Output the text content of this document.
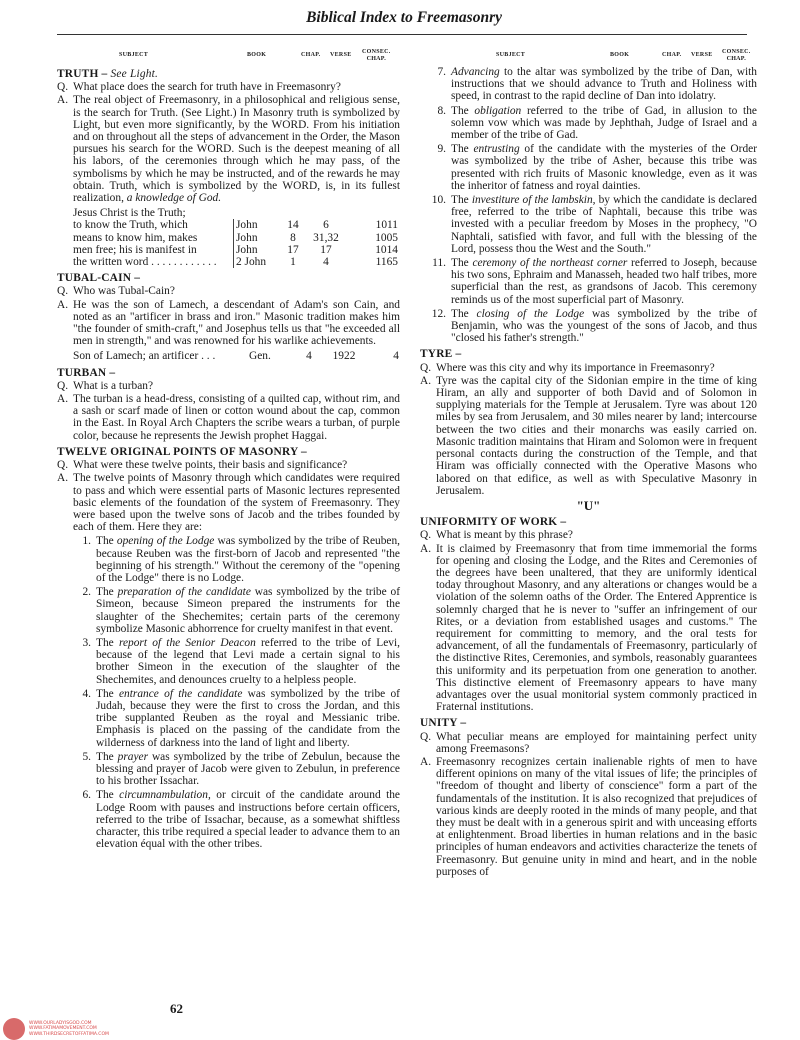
Biblical Index to Freemasonry
SUBJECT	BOOK	CHAP. VERSE CONSEC.
CHAP.
TRUTH – See Light.
Q. What place does the search for truth have in Freemasonry?
A. The real object of Freemasonry, in a philosophical and religious sense, is the search for Truth. (See Light.) In Masonry truth is symbolized by Light, but even more significantly, by the WORD. From his initiation and on throughout all the steps of advancement in the Order, the Mason pursues his search for the WORD. Such is the deepest meaning of all his labors, of the ceremonies through which he may pass, of the symbolisms by which he may be instructed, and of the rewards he may obtain. Truth, which is symbolized by the WORD, is, in its fullest realization, a knowledge of God.
Jesus Christ is the Truth;				
to know the Truth, which	John	14	6	1011
means to know him, makes	John	8	31,32	1005
men free; his is manifest in	John	17	17	1014
the written word . . . . . . . . . . . .	2 John	1	4	1165
TUBAL-CAIN –
Q. Who was Tubal-Cain?
A. He was the son of Lamech, a descendant of Adam's son Cain, and noted as an "artificer in brass and iron." Masonic tradition makes him "the founder of smith-craft," and Josephus tells us that "he exceeded all men in strength," and was renowned for his warlike achievements.
Son of Lamech; an artificer . . .	Gen.	4	1922	4
TURBAN –
Q. What is a turban?
A. The turban is a head-dress, consisting of a quilted cap, without rim, and a sash or scarf made of linen or cotton wound about the cap, common in the East. In Royal Arch Chapters the scribe wears a turban, of purple color, because he represents the Jewish prophet Haggai.
TWELVE ORIGINAL POINTS OF MASONRY –
Q. What were these twelve points, their basis and significance?
A. The twelve points of Masonry through which candidates were required to pass and which were essential parts of Masonic lectures represented basic elements of the foundation of the system of Freemasonry. They were based upon the twelve sons of Jacob and the tribes founded by each of them. Here they are:
1. The opening of the Lodge was symbolized by the tribe of Reuben, because Reuben was the first-born of Jacob and represented "the beginning of his strength." Without the ceremony of the "opening of the Lodge" there is no Lodge.
2. The preparation of the candidate was symbolized by the tribe of Simeon, because Simeon prepared the instruments for the slaughter of the Shechemites; certain parts of the ceremony symbolize Masonic abhorrence for cruelty manifest in that event.
3. The report of the Senior Deacon referred to the tribe of Levi, because of the legend that Levi made a certain signal to his brother Simeon in the execution of the slaughter of the Shechemites, and denounces cruelty to a helpless people.
4. The entrance of the candidate was symbolized by the tribe of Judah, because they were the first to cross the Jordan, and this tribe supplanted Reuben as the royal and Messianic tribe. Emphasis is placed on the passing of the candidate from the wilderness of darkness into the land of light and liberty.
5. The prayer was symbolized by the tribe of Zebulun, because the blessing and prayer of Jacob were given to Zebulun, in preference to his brother Issachar.
6. The circumnambulation, or circuit of the candidate around the Lodge Room with pauses and instructions before certain officers, referred to the tribe of Issachar, because, as a somewhat shiftless character, this tribe required a special leader to advance them to an elevation équal with the other tribes.
SUBJECT	BOOK	CHAP. VERSE CONSEC.
CHAP.
7. Advancing to the altar was symbolized by the tribe of Dan, with instructions that we should advance to Truth and Holiness with speed, in contrast to the rapid decline of Dan into idolatry.
8. The obligation referred to the tribe of Gad, in allusion to the solemn vow which was made by Jephthah, Judge of Israel and a member of the tribe of Gad.
9. The entrusting of the candidate with the mysteries of the Order was symbolized by the tribe of Asher, because this tribe was presented with rich fruits of Masonic knowledge, even as it was the inheritor of fatness and royal dainties.
10. The investiture of the lambskin, by which the candidate is declared free, referred to the tribe of Naphtali, because this tribe was invested with a peculiar freedom by Moses in the prophecy, "O Naphtali, satisfied with favor, and full with the blessing of the Lord, possess thou the West and the South."
11. The ceremony of the northeast corner referred to Joseph, because his two sons, Ephraim and Manasseh, headed two half tribes, more superficial than the rest, as grandsons of Jacob. This ceremony reminds us of the most superficial part of Masonry.
12. The closing of the Lodge was symbolized by the tribe of Benjamin, who was the youngest of the sons of Jacob, and thus "closed his father's strength."
TYRE –
Q. Where was this city and why its importance in Freemasonry?
A. Tyre was the capital city of the Sidonian empire in the time of king Hiram, an ally and supporter of both David and of Solomon in supplying materials for the Temple at Jerusalem. Tyre was about 120 miles by sea from Jerusalem, and 30 miles nearer by land; intercourse between the two cities and their monarchs was easily carried on. Masonic tradition maintains that Hiram and Solomon were in frequent personal contacts during the construction of the Temple, and that Hiram was officially connected with the Operative Masons who labored on that edifice, as well as with Speculative Masonry in Jerusalem.
"U"
UNIFORMITY OF WORK –
Q. What is meant by this phrase?
A. It is claimed by Freemasonry that from time immemorial the forms for opening and closing the Lodge, and the Rites and Ceremonies of the degrees have been unaltered, that they are uniformly identical today throughout Masonry, and any alterations or changes would be a violation of the solemn oaths of the Order. The Entered Apprentice is solemnly charged that he is never to "suffer an infringement of our Rites, or a deviation from established usages and customs." The requirement for committing to memory, and the oral tests for advancement, of all the fundamentals of Freemasonry, particularly of the distinctive Rites, Ceremonies, and symbols, reasonably guarantees this uniformity and its perpetuation from one generation to another. This distinctive element of Freemasonry appears to have many advantages over the usual monitorial system commonly practiced in Fraternal institutions.
UNITY –
Q. What peculiar means are employed for maintaining perfect unity among Freemasons?
A. Freemasonry recognizes certain inalienable rights of men to have different opinions on many of the vital issues of life; the principles of "freedom of thought and liberty of conscience" form a part of the fundamentals of the institution. It is also recognized that prejudices of various kinds are deeply rooted in the minds of many people, and that they must be dealt with in a generous spirit and with unceasing efforts at enlightenment. Broad liberties in human relations and in the basic principles of human endeavors and activities characterize the tenets of Freemasonry. But genuine unity in mind and heart, and in the noble purposes of
62
WWW.OURLADYISGOD.COM
WWW.FATIMAMOVEMENT.COM
WWW.THIRDSECRETOFFATIMA.COM
